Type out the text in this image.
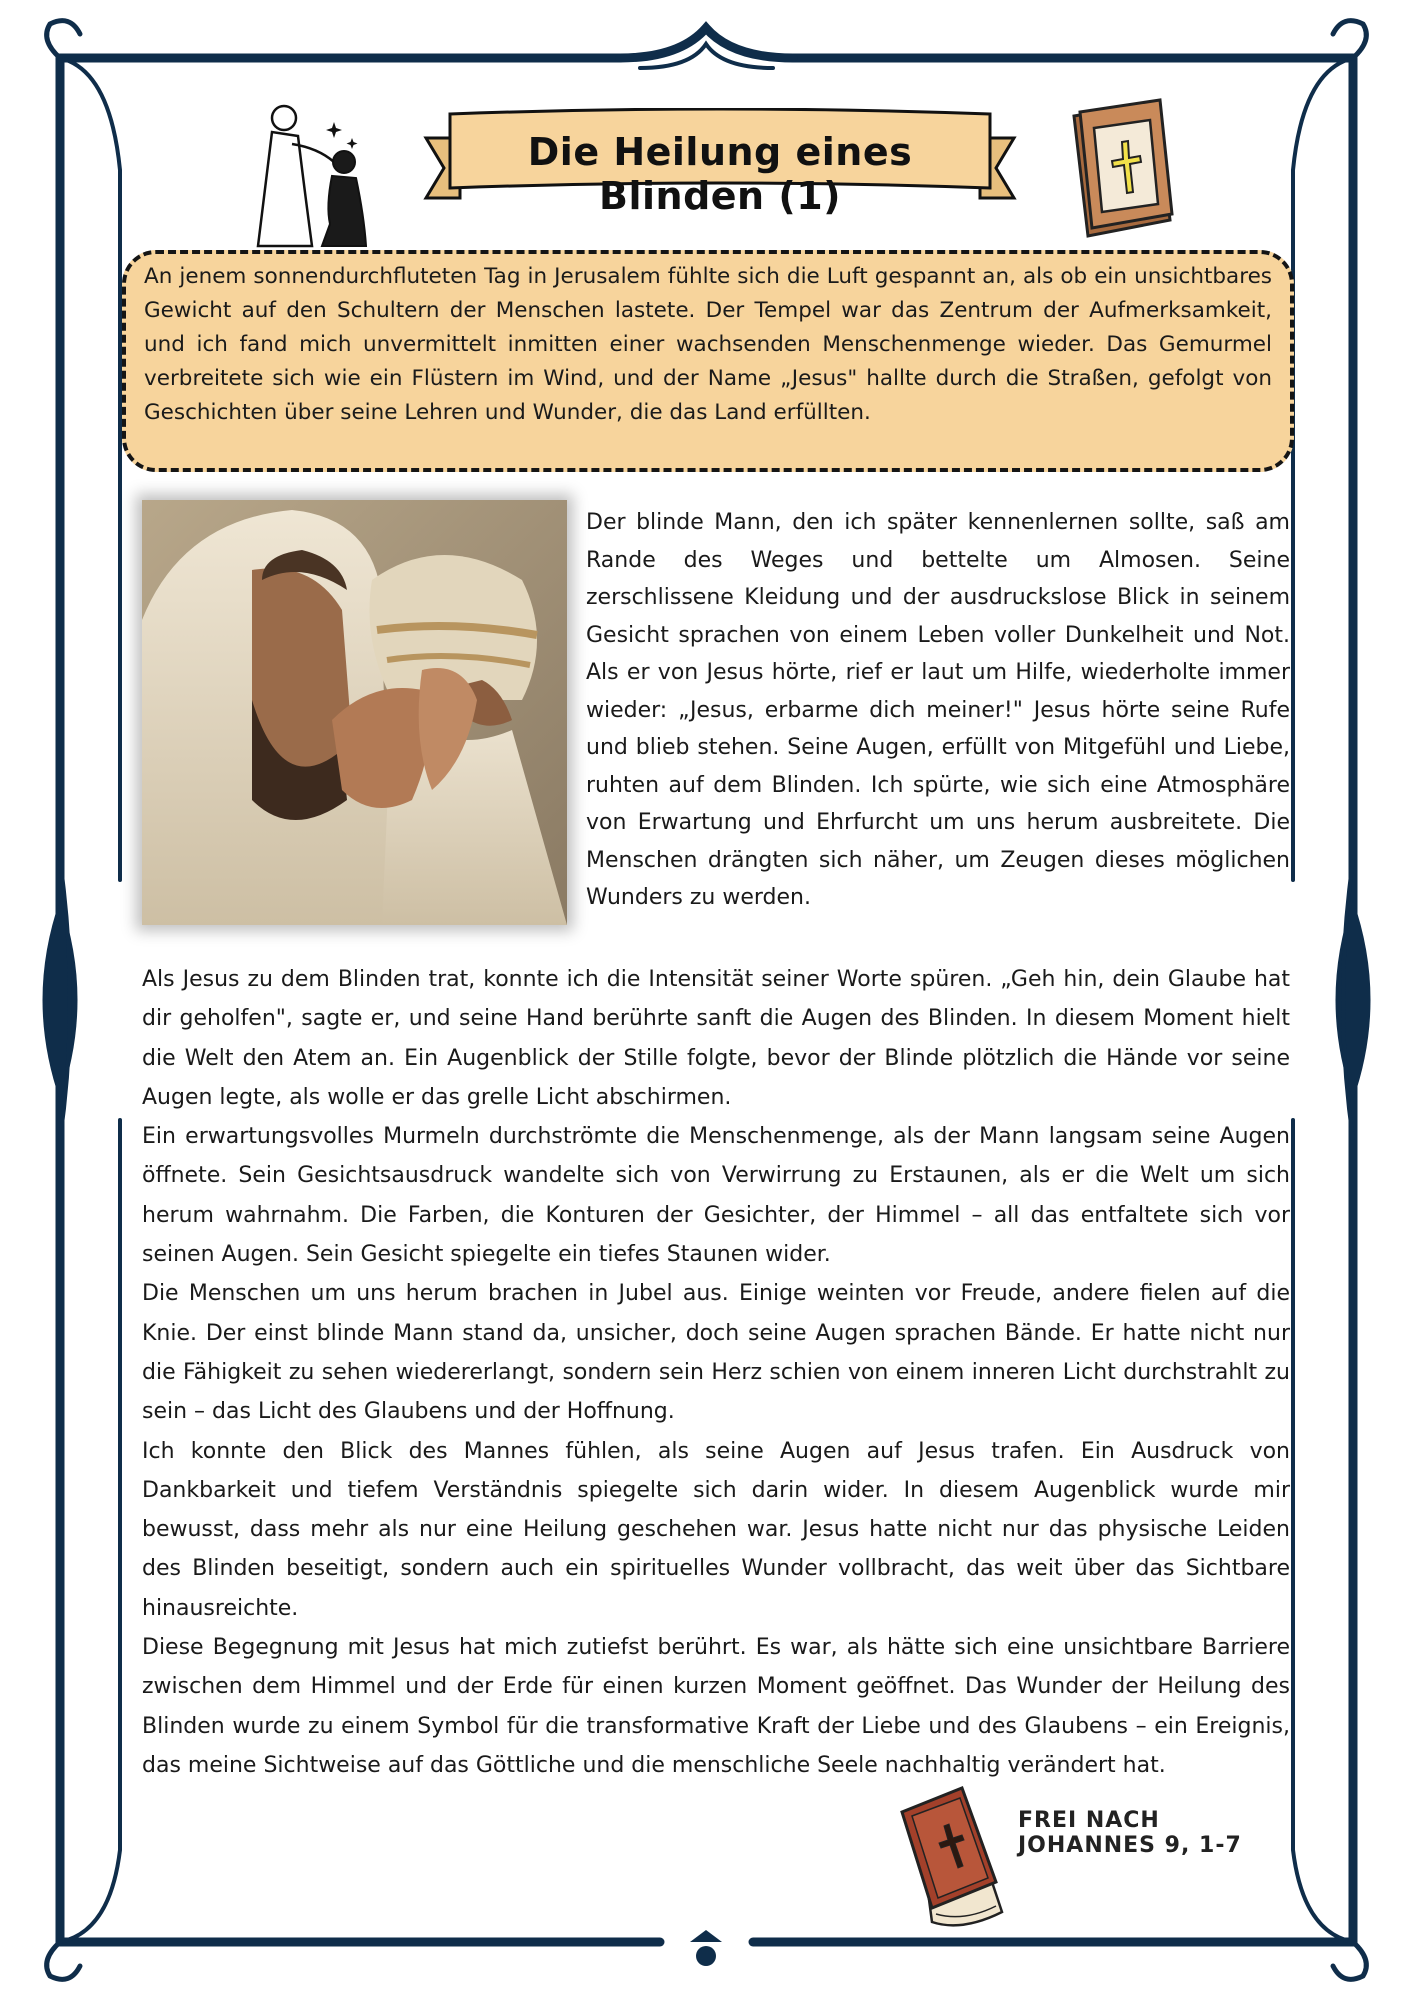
Die Heilung eines Blinden (1)

An jenem sonnendurchfluteten Tag in Jerusalem fühlte sich die Luft gespannt an, als ob ein unsichtbares Gewicht auf den Schultern der Menschen lastete. Der Tempel war das Zentrum der Aufmerksamkeit, und ich fand mich unvermittelt inmitten einer wachsenden Menschenmenge wieder. Das Gemurmel verbreitete sich wie ein Flüstern im Wind, und der Name „Jesus" hallte durch die Straßen, gefolgt von Geschichten über seine Lehren und Wunder, die das Land erfüllten.

Der blinde Mann, den ich später kennenlernen sollte, saß am Rande des Weges und bettelte um Almosen. Seine zerschlissene Kleidung und der ausdruckslose Blick in seinem Gesicht sprachen von einem Leben voller Dunkelheit und Not. Als er von Jesus hörte, rief er laut um Hilfe, wiederholte immer wieder: „Jesus, erbarme dich meiner!" Jesus hörte seine Rufe und blieb stehen. Seine Augen, erfüllt von Mitgefühl und Liebe, ruhten auf dem Blinden. Ich spürte, wie sich eine Atmosphäre von Erwartung und Ehrfurcht um uns herum ausbreitete. Die Menschen drängten sich näher, um Zeugen dieses möglichen Wunders zu werden.

Als Jesus zu dem Blinden trat, konnte ich die Intensität seiner Worte spüren. „Geh hin, dein Glaube hat dir geholfen", sagte er, und seine Hand berührte sanft die Augen des Blinden. In diesem Moment hielt die Welt den Atem an. Ein Augenblick der Stille folgte, bevor der Blinde plötzlich die Hände vor seine Augen legte, als wolle er das grelle Licht abschirmen.

Ein erwartungsvolles Murmeln durchströmte die Menschenmenge, als der Mann langsam seine Augen öffnete. Sein Gesichtsausdruck wandelte sich von Verwirrung zu Erstaunen, als er die Welt um sich herum wahrnahm. Die Farben, die Konturen der Gesichter, der Himmel – all das entfaltete sich vor seinen Augen. Sein Gesicht spiegelte ein tiefes Staunen wider.

Die Menschen um uns herum brachen in Jubel aus. Einige weinten vor Freude, andere fielen auf die Knie. Der einst blinde Mann stand da, unsicher, doch seine Augen sprachen Bände. Er hatte nicht nur die Fähigkeit zu sehen wiedererlangt, sondern sein Herz schien von einem inneren Licht durchstrahlt zu sein – das Licht des Glaubens und der Hoffnung.

Ich konnte den Blick des Mannes fühlen, als seine Augen auf Jesus trafen. Ein Ausdruck von Dankbarkeit und tiefem Verständnis spiegelte sich darin wider. In diesem Augenblick wurde mir bewusst, dass mehr als nur eine Heilung geschehen war. Jesus hatte nicht nur das physische Leiden des Blinden beseitigt, sondern auch ein spirituelles Wunder vollbracht, das weit über das Sichtbare hinausreichte.

Diese Begegnung mit Jesus hat mich zutiefst berührt. Es war, als hätte sich eine unsichtbare Barriere zwischen dem Himmel und der Erde für einen kurzen Moment geöffnet. Das Wunder der Heilung des Blinden wurde zu einem Symbol für die transformative Kraft der Liebe und des Glaubens – ein Ereignis, das meine Sichtweise auf das Göttliche und die menschliche Seele nachhaltig verändert hat.

FREI NACHJOHANNES 9, 1-7
